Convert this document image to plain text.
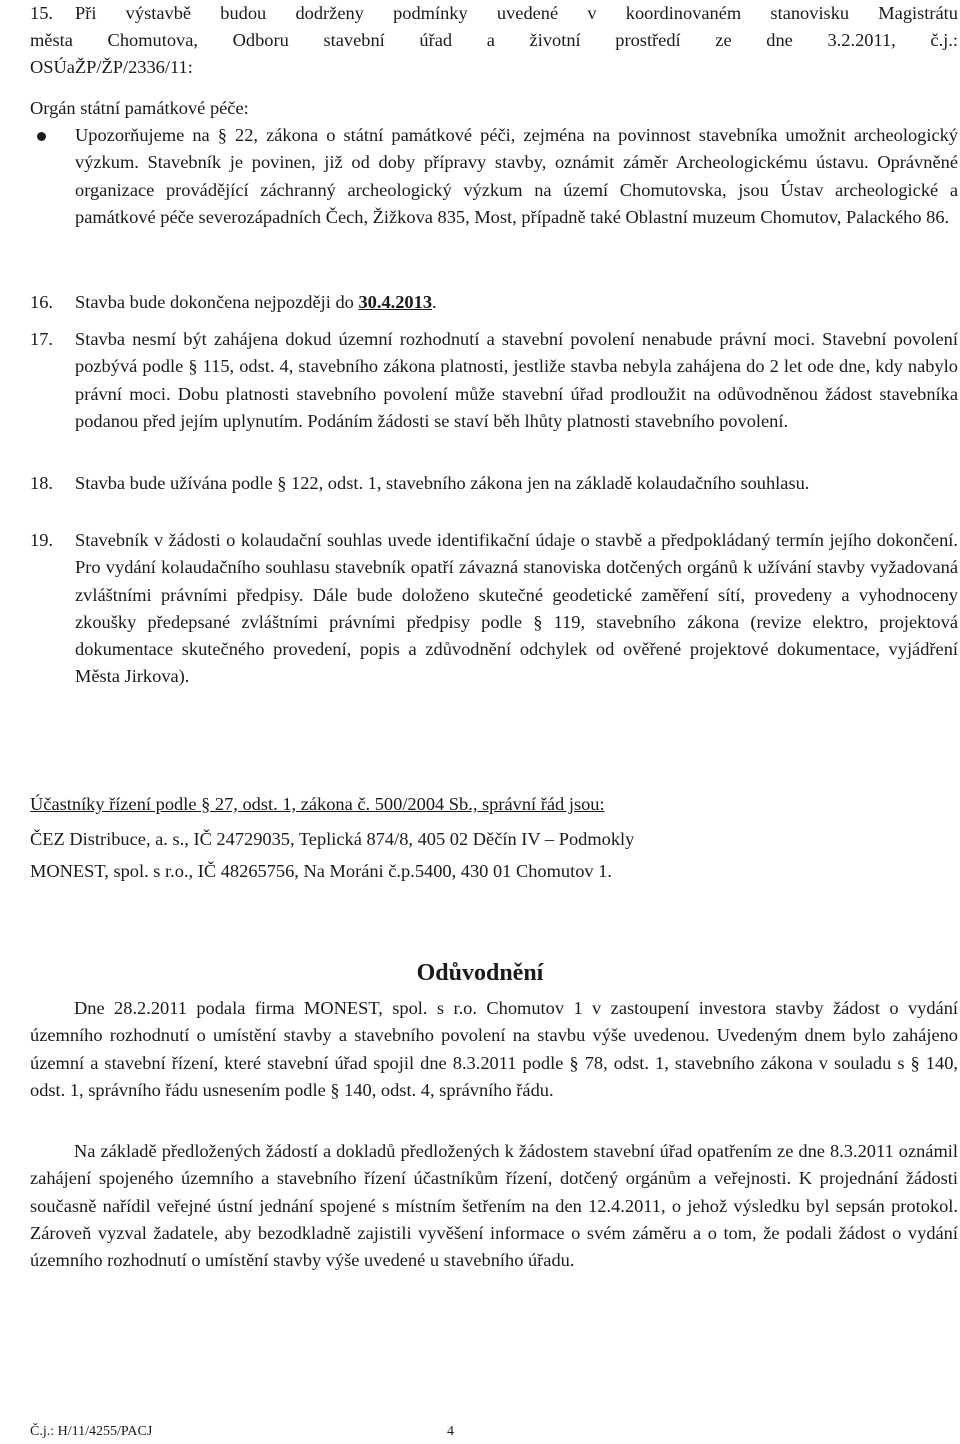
15. Při výstavbě budou dodrženy podmínky uvedené v koordinovaném stanovisku Magistrátu
města Chomutova, Odboru stavební úřad a životní prostředí ze dne 3.2.2011, č.j.:
OSÚaŽP/ŽP/2336/11:
Orgán státní památkové péče:
Upozorňujeme na § 22, zákona o státní památkové péči, zejména na povinnost stavebníka umožnit archeologický výzkum. Stavebník je povinen, již od doby přípravy stavby, oznámit záměr Archeologickému ústavu. Oprávněné organizace provádějící záchranný archeologický výzkum na území Chomutovska, jsou Ústav archeologické a památkové péče severozápadních Čech, Žižkova 835, Most, případně také Oblastní muzeum Chomutov, Palackého 86.
16. Stavba bude dokončena nejpozději do 30.4.2013.
17. Stavba nesmí být zahájena dokud územní rozhodnutí a stavební povolení nenabude právní moci. Stavební povolení pozbývá podle § 115, odst. 4, stavebního zákona platnosti, jestliže stavba nebyla zahájena do 2 let ode dne, kdy nabylo právní moci. Dobu platnosti stavebního povolení může stavební úřad prodloužit na odůvodněnou žádost stavebníka podanou před jejím uplynutím. Podáním žádosti se staví běh lhůty platnosti stavebního povolení.
18. Stavba bude užívána podle § 122, odst. 1, stavebního zákona jen na základě kolaudačního souhlasu.
19. Stavebník v žádosti o kolaudační souhlas uvede identifikační údaje o stavbě a předpokládaný termín jejího dokončení. Pro vydání kolaudačního souhlasu stavebník opatří závazná stanoviska dotčených orgánů k užívání stavby vyžadovaná zvláštními právními předpisy. Dále bude doloženo skutečné geodetické zaměření sítí, provedeny a vyhodnoceny zkoušky předepsané zvláštními právními předpisy podle § 119, stavebního zákona (revize elektro, projektová dokumentace skutečného provedení, popis a zdůvodnění odchylek od ověřené projektové dokumentace, vyjádření Města Jirkova).
Účastníky řízení podle § 27, odst. 1, zákona č. 500/2004 Sb., správní řád jsou:
ČEZ Distribuce, a. s., IČ 24729035, Teplická 874/8, 405 02 Děčín IV – Podmokly
MONEST, spol. s r.o., IČ 48265756, Na Moráni č.p.5400, 430 01 Chomutov 1.
Odůvodnění
Dne 28.2.2011 podala firma MONEST, spol. s r.o. Chomutov 1 v zastoupení investora stavby žádost o vydání územního rozhodnutí o umístění stavby a stavebního povolení na stavbu výše uvedenou. Uvedeným dnem bylo zahájeno územní a stavební řízení, které stavební úřad spojil dne 8.3.2011 podle § 78, odst. 1, stavebního zákona v souladu s § 140, odst. 1, správního řádu usnesením podle § 140, odst. 4, správního řádu.
Na základě předložených žádostí a dokladů předložených k žádostem stavební úřad opatřením ze dne 8.3.2011 oznámil zahájení spojeného územního a stavebního řízení účastníkům řízení, dotčený orgánům a veřejnosti. K projednání žádosti současně nařídil veřejné ústní jednání spojené s místním šetřením na den 12.4.2011, o jehož výsledku byl sepsán protokol. Zároveň vyzval žadatele, aby bezodkladně zajistili vyvěšení informace o svém záměru a o tom, že podali žádost o vydání územního rozhodnutí o umístění stavby výše uvedené u stavebního úřadu.
Č.j.: H/11/4255/PACJ	4
